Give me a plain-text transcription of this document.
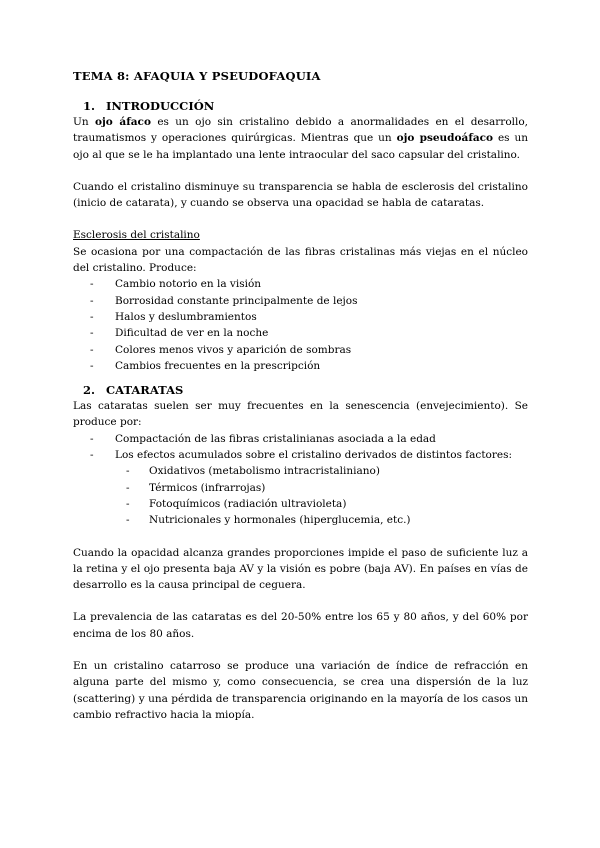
TEMA 8: AFAQUIA Y PSEUDOFAQUIA
1. INTRODUCCIÓN

Un ojo áfaco es un ojo sin cristalino debido a anormalidades en el desarrollo, traumatismos y operaciones quirúrgicas. Mientras que un ojo pseudoáfaco es un ojo al que se le ha implantado una lente intraocular del saco capsular del cristalino.

Cuando el cristalino disminuye su transparencia se habla de esclerosis del cristalino (inicio de catarata), y cuando se observa una opacidad se habla de cataratas.

Esclerosis del cristalino

Se ocasiona por una compactación de las fibras cristalinas más viejas en el núcleo del cristalino. Produce:

-	Cambio notorio en la visión
-	Borrosidad constante principalmente de lejos
-	Halos y deslumbramientos
-	Dificultad de ver en la noche
-	Colores menos vivos y aparición de sombras
-	Cambios frecuentes en la prescripción
2. CATARATAS

Las cataratas suelen ser muy frecuentes en la senescencia (envejecimiento). Se produce por:

-	Compactación de las fibras cristalinianas asociada a la edad
-	Los efectos acumulados sobre el cristalino derivados de distintos factores:
-	Oxidativos (metabolismo intracristaliniano)
-	Térmicos (infrarrojas)
-	Fotoquímicos (radiación ultravioleta)
-	Nutricionales y hormonales (hiperglucemia, etc.)

Cuando la opacidad alcanza grandes proporciones impide el paso de suficiente luz a la retina y el ojo presenta baja AV y la visión es pobre (baja AV). En países en vías de desarrollo es la causa principal de ceguera.

La prevalencia de las cataratas es del 20-50% entre los 65 y 80 años, y del 60% por encima de los 80 años.

En un cristalino catarroso se produce una variación de índice de refracción en alguna parte del mismo y, como consecuencia, se crea una dispersión de la luz (scattering) y una pérdida de transparencia originando en la mayoría de los casos un cambio refractivo hacia la miopía.
